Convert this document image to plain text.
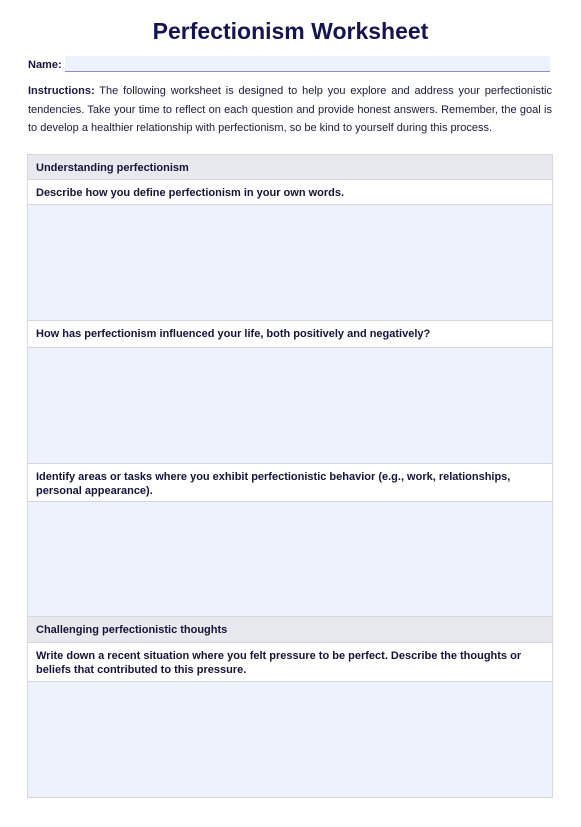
Perfectionism Worksheet
Name:

Instructions: The following worksheet is designed to help you explore and address your perfectionistic tendencies. Take your time to reflect on each question and provide honest answers. Remember, the goal is to develop a healthier relationship with perfectionism, so be kind to yourself during this process.

Understanding perfectionism
Describe how you define perfectionism in your own words.
How has perfectionism influenced your life, both positively and negatively?
Identify areas or tasks where you exhibit perfectionistic behavior (e.g., work, relationships, personal appearance).
Challenging perfectionistic thoughts
Write down a recent situation where you felt pressure to be perfect. Describe the thoughts or beliefs that contributed to this pressure.
